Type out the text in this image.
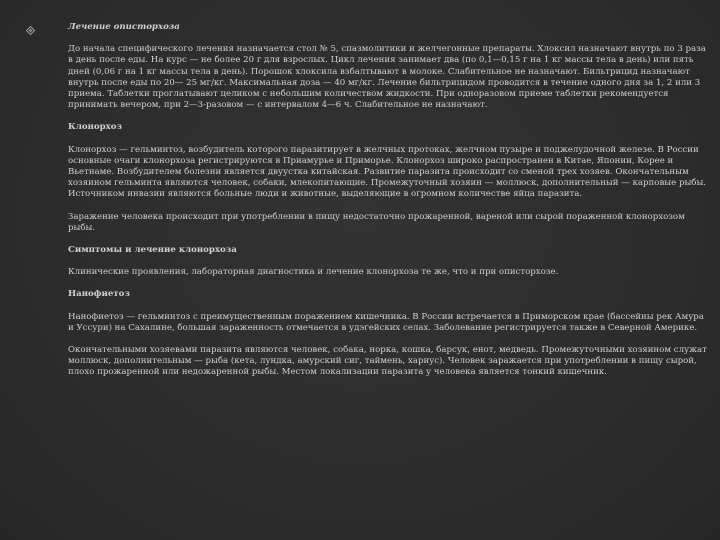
Лечение описторхоза
До начала специфического лечения назначается стол № 5, спазмолитики и желчегонные препараты. Хлоксил назначают внутрь по 3 раза в день после еды. На курс — не более 20 г для взрослых. Цикл лечения занимает два (по 0,1—0,15 г на 1 кг массы тела в день) или пять дней (0,06 г на 1 кг массы тела в день). Порошок хлоксила взбалтывают в молоке. Слабительное не назначают. Бильтрицид назначают внутрь после еды по 20— 25 мг/кг. Максимальная доза — 40 мг/кг. Лечение бильтрицидом проводится в течение одного дня за 1, 2 или 3 приема. Таблетки проглатывают целиком с небольшим количеством жидкости. При одноразовом приеме таблетки рекомендуется принимать вечером, при 2—3-разовом — с интервалом 4—6 ч. Слабительное не назначают.
Клонорхоз
Клонорхоз — гельминтоз, возбудитель которого паразитирует в желчных протоках, желчном пузыре и поджелудочной железе. В России основные очаги клонорхоза регистрируются в Приамурье и Приморье. Клонорхоз широко распространен в Китае, Японии, Корее и Вьетнаме. Возбудителем болезни является двуустка китайская. Развитие паразита происходит со сменой трех хозяев. Окончательным хозяином гельминта являются человек, собаки, млекопитающие. Промежуточный хозяин — моллюск, дополнительный — карповые рыбы. Источником инвазии являются больные люди и животные, выделяющие в огромном количестве яйца паразита.
Заражение человека происходит при употреблении в пищу недостаточно прожаренной, вареной или сырой пораженной клонорхозом рыбы.
Симптомы и лечение клонорхоза
Клинические проявления, лабораторная диагностика и лечение клонорхоза те же, что и при описторхозе.
Нанофиетоз
Нанофиетоз — гельминтоз с преимущественным поражением кишечника. В России встречается в Приморском крае (бассейны рек Амура и Уссури) на Сахалине, большая зараженность отмечается в удэгейских селах. Заболевание регистрируется также в Северной Америке.
Окончательными хозяевами паразита являются человек, собака, норка, кошка, барсук, енот, медведь. Промежуточными хозяином служат моллюск, дополнительным — рыба (кета, лундка, амурский сиг, таймень, хариус). Человек заражается при употреблении в пищу сырой, плохо прожаренной или недожаренной рыбы. Местом локализации паразита у человека является тонкий кишечник.
